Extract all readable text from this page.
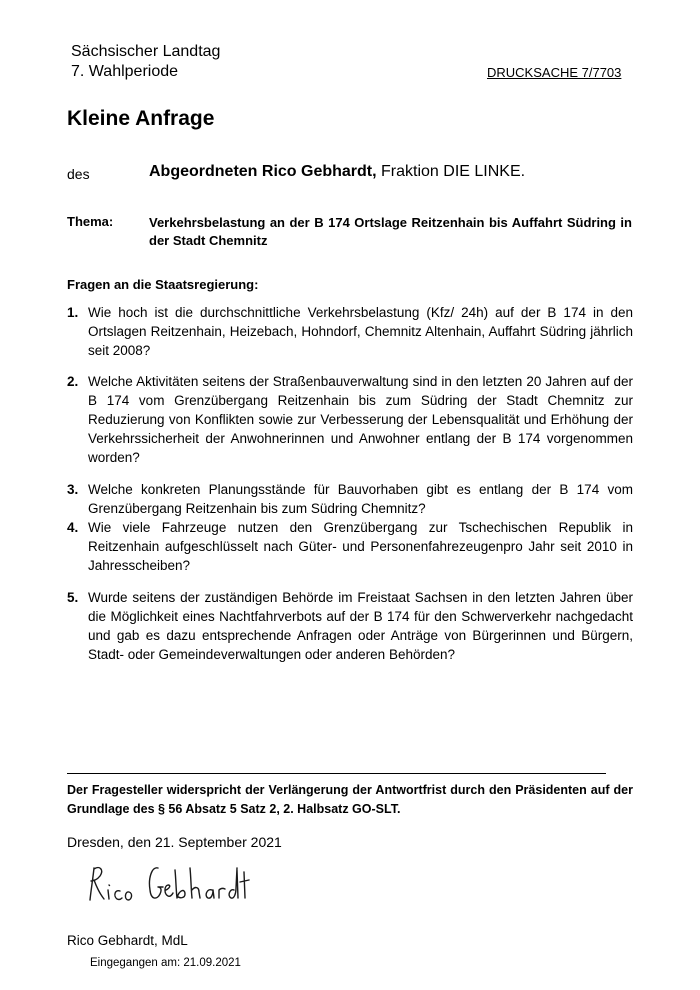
Sächsischer Landtag
7. Wahlperiode	DRUCKSACHE 7/7703
Kleine Anfrage
des	Abgeordneten Rico Gebhardt, Fraktion DIE LINKE.
Thema:	Verkehrsbelastung an der B 174 Ortslage Reitzenhain bis Auffahrt Südring in der Stadt Chemnitz
Fragen an die Staatsregierung:
1. Wie hoch ist die durchschnittliche Verkehrsbelastung (Kfz/ 24h) auf der B 174 in den Ortslagen Reitzenhain, Heizebach, Hohndorf, Chemnitz Altenhain, Auffahrt Südring jährlich seit 2008?
2. Welche Aktivitäten seitens der Straßenbauverwaltung sind in den letzten 20 Jahren auf der B 174 vom Grenzübergang Reitzenhain bis zum Südring der Stadt Chemnitz zur Reduzierung von Konflikten sowie zur Verbesserung der Lebensqualität und Erhöhung der Verkehrssicherheit der Anwohnerinnen und Anwohner entlang der B 174 vorgenommen worden?
3. Welche konkreten Planungsstände für Bauvorhaben gibt es entlang der B 174 vom Grenzübergang Reitzenhain bis zum Südring Chemnitz?
4. Wie viele Fahrzeuge nutzen den Grenzübergang zur Tschechischen Republik in Reitzenhain aufgeschlüsselt nach Güter- und Personenfahrezeugenpro Jahr seit 2010 in Jahresscheiben?
5. Wurde seitens der zuständigen Behörde im Freistaat Sachsen in den letzten Jahren über die Möglichkeit eines Nachtfahrverbots auf der B 174 für den Schwerverkehr nachgedacht und gab es dazu entsprechende Anfragen oder Anträge von Bürgerinnen und Bürgern, Stadt- oder Gemeindeverwaltungen oder anderen Behörden?
Der Fragesteller widerspricht der Verlängerung der Antwortfrist durch den Präsidenten auf der Grundlage des § 56 Absatz 5 Satz 2, 2. Halbsatz GO-SLT.
Dresden, den 21. September 2021
Rico Gebhardt, MdL
Eingegangen am: 21.09.2021
